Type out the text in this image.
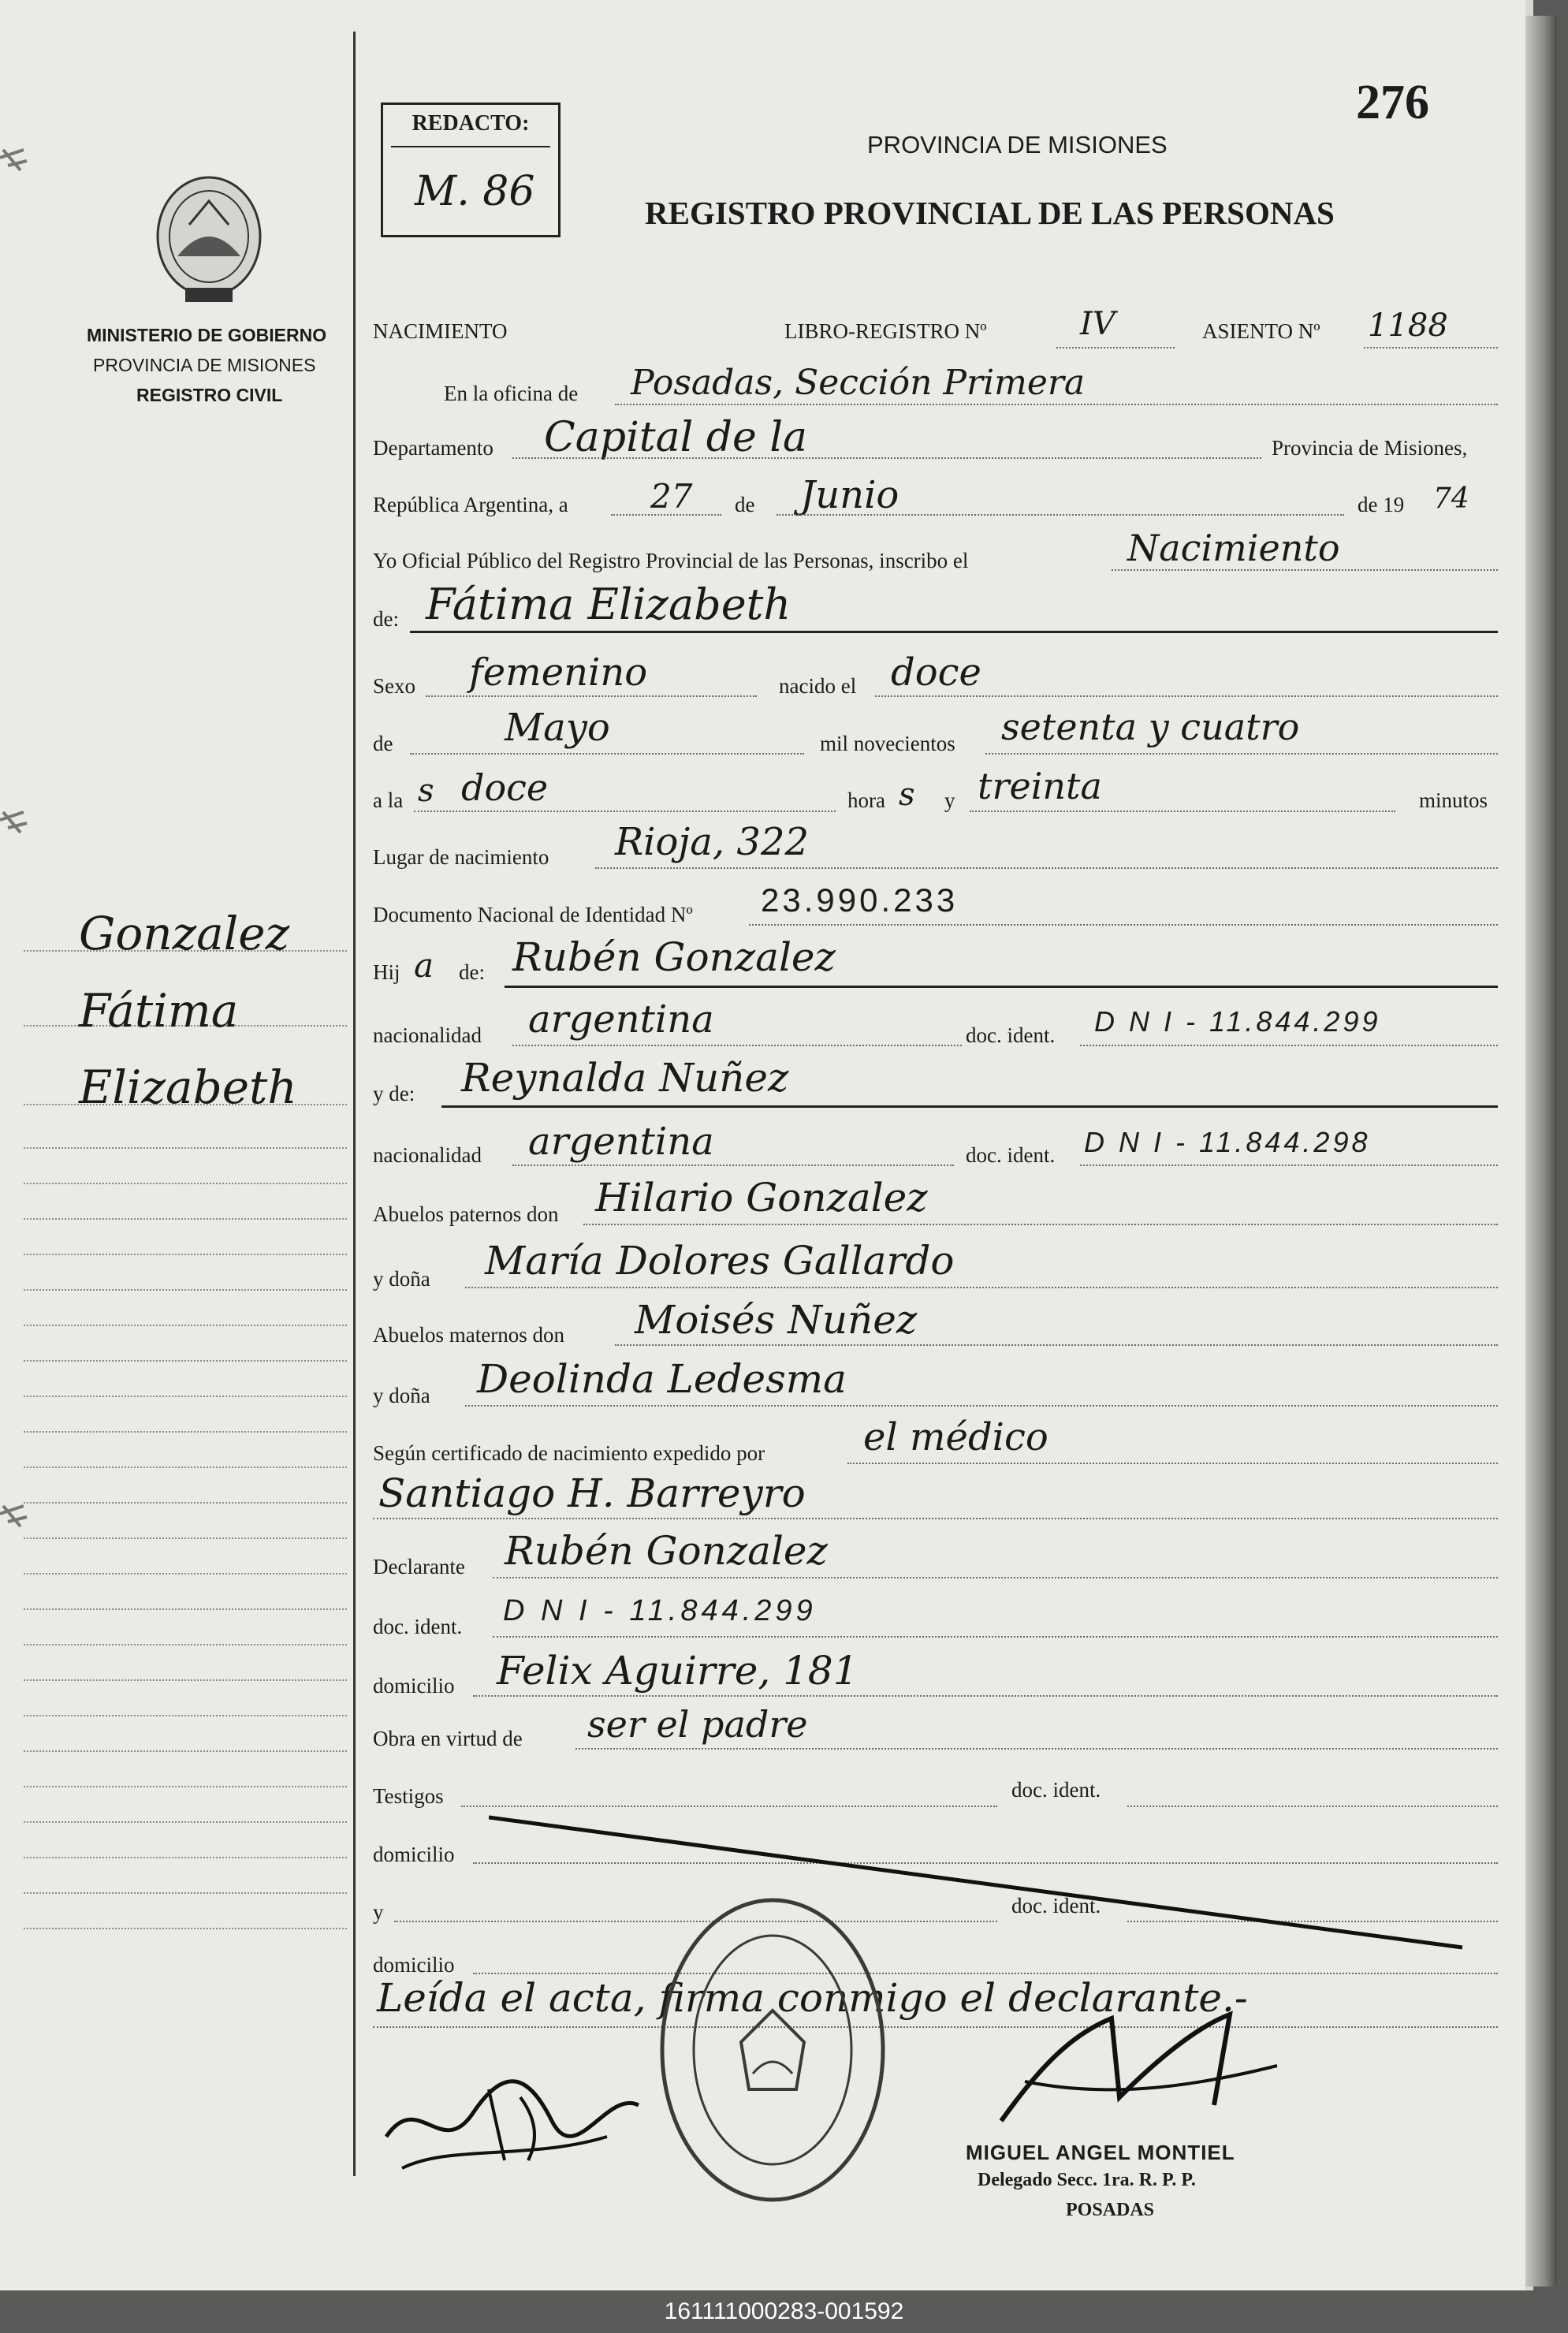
276
REDACTO:
M. 86
PROVINCIA DE MISIONES
REGISTRO PROVINCIAL DE LAS PERSONAS
MINISTERIO DE GOBIERNO
PROVINCIA DE MISIONES
REGISTRO CIVIL
Gonzalez
Fátima
Elizabeth
NACIMIENTO	LIBRO-REGISTRO Nº	IV	ASIENTO Nº 1188
En la oficina de Posadas, Sección Primera
Departamento Capital de la	Provincia de Misiones,
República Argentina, a 27 de Junio	de 19 74
Yo Oficial Público del Registro Provincial de las Personas, inscribo el	Nacimiento
de: Fátima Elizabeth
Sexo femenino	nacido el doce
de	Mayo	mil novecientos setenta y cuatro
a la s doce	hora s y treinta	minutos
Lugar de nacimiento Rioja, 322
Documento Nacional de Identidad Nº 23.990.233
Hij a de: Rubén Gonzalez
nacionalidad argentina	doc. ident. D N I - 11.844.299
y de: Reynalda Nuñez
nacionalidad argentina	doc. ident. D N I - 11.844.298
Abuelos paternos don Hilario Gonzalez
y doña María Dolores Gallardo
Abuelos maternos don Moisés Nuñez
y doña Deolinda Ledesma
Según certificado de nacimiento expedido por	el médico
Santiago H. Barreyro
Declarante Rubén Gonzalez
doc. ident. D N I - 11.844.299
domicilio Felix Aguirre, 181
Obra en virtud de ser el padre
Testigos	doc. ident.
domicilio
y	doc. ident.
domicilio
Leída el acta, firma conmigo el declarante.-
MIGUEL ANGEL MONTIEL
Delegado Secc. 1ra. R. P. P.
POSADAS
161111000283-001592
